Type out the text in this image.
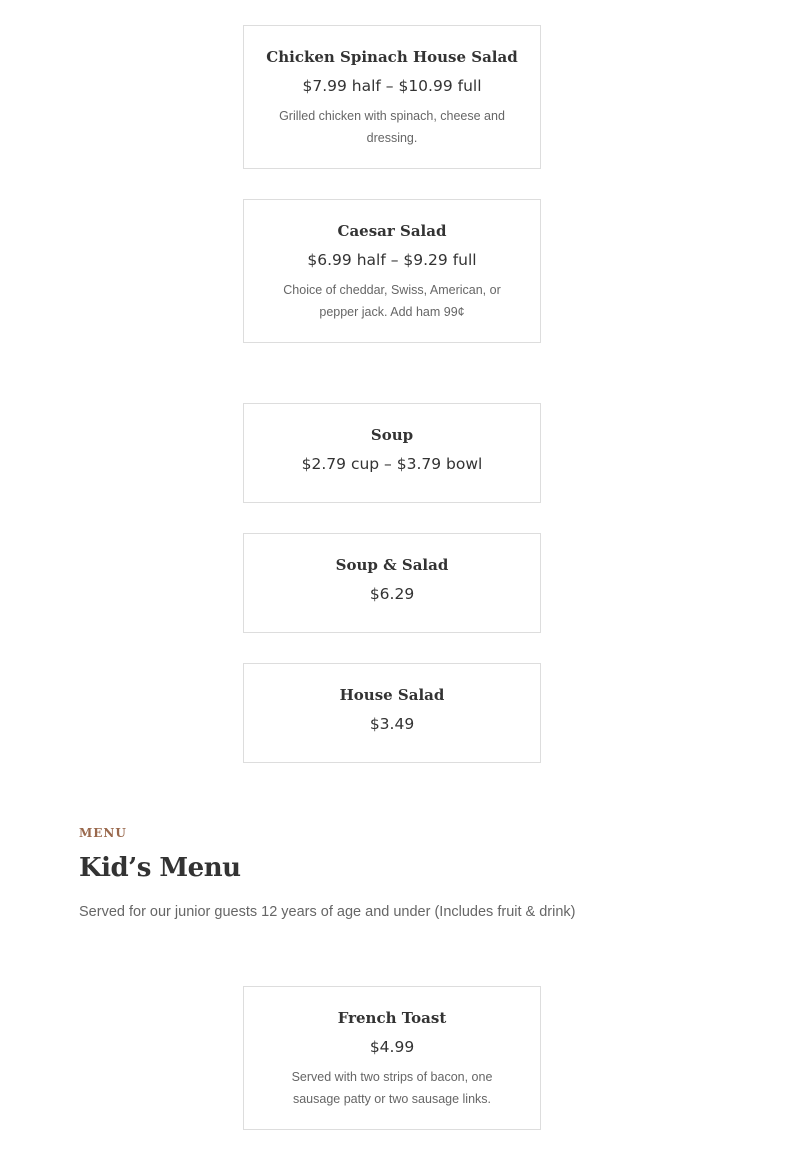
Chicken Spinach House Salad
$7.99 half – $10.99 full
Grilled chicken with spinach, cheese and dressing.
Caesar Salad
$6.99 half – $9.29 full
Choice of cheddar, Swiss, American, or pepper jack. Add ham 99¢
Soup
$2.79 cup – $3.79 bowl
Soup & Salad
$6.29
House Salad
$3.49
MENU
Kid’s Menu
Served for our junior guests 12 years of age and under (Includes fruit & drink)
French Toast
$4.99
Served with two strips of bacon, one sausage patty or two sausage links.
